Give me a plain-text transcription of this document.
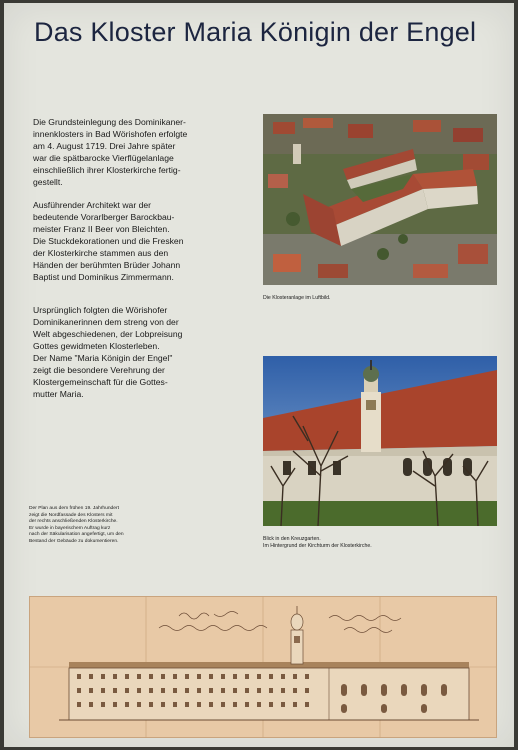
Das Kloster Maria Königin der Engel
Die Grundsteinlegung des Dominikaner-
innenklosters in Bad Wörishofen erfolgte
am 4. August 1719. Drei Jahre später
war die spätbarocke Vierflügelanlage
einschließlich ihrer Klosterkirche fertig-
gestellt.
Ausführender Architekt war der
bedeutende Vorarlberger Barockbau-
meister Franz II Beer von Bleichten.
Die Stuckdekorationen und die Fresken
der Klosterkirche stammen aus den
Händen der berühmten Brüder Johann
Baptist und Dominikus Zimmermann.
Ursprünglich folgten die Wörishofer
Dominikanerinnen dem streng von der
Welt abgeschiedenen, der Lobpreisung
Gottes gewidmeten Klosterleben.
Der Name "Maria Königin der Engel"
zeigt die besondere Verehrung der
Klostergemeinschaft für die Gottes-
mutter Maria.
Die Klosteranlage im Luftbild.
Blick in den Kreuzgarten.
Im Hintergrund der Kirchturm der Klosterkirche.
Der Plan aus dem frühen 19. Jahrhundert
zeigt die Nordfassade des Klosters mit
der rechts anschließenden Klosterkirche.
Er wurde in bayerischem Auftrag kurz
nach der Säkularisation angefertigt, um den
Bestand der Gebäude zu dokumentieren.
